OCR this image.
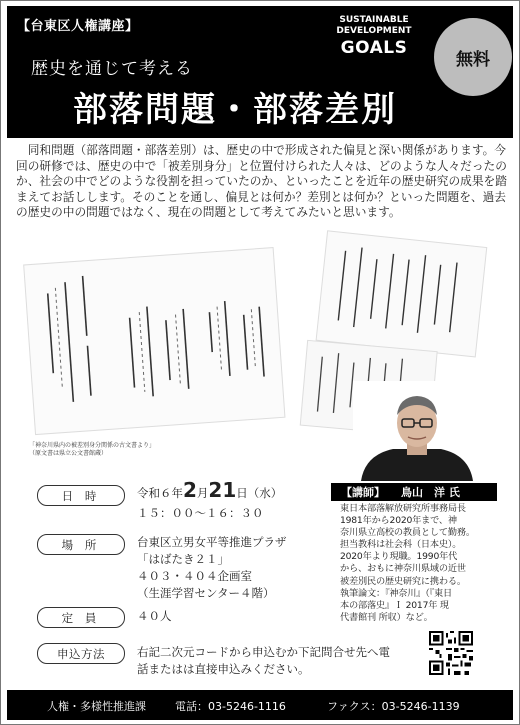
【台東区人権講座】
歴史を通じて考える
部落問題・部落差別
SUSTAINABLE
DEVELOPMENT
GOALS
無料

同和問題（部落問題・部落差別）は、歴史の中で形成された偏見と深い関係があります。今回の研修では、歴史の中で「被差別身分」と位置付けられた人々は、どのような人々だったのか、社会の中でどのような役割を担っていたのか、といったことを近年の歴史研究の成果を踏まえてお話しします。そのことを通し、偏見とは何か？差別とは何か？といった問題を、過去の歴史の中の問題ではなく、現在の問題として考えてみたいと思います。

「神奈川県内の被差別身分関係の古文書より」
（原文書は県立公文書館蔵）
日 時	令和６年2月21日（水）
１５：００～１６：３０
場 所	台東区立男女平等推進プラザ
「はばたき２１」
４０３・４０４企画室
（生涯学習センター４階）
定 員	４０人
申込方法	右記二次元コードから申込むか下記問合せ先へ電
話またはは直接申込みください。
【講師】 鳥山　洋 氏

東日本部落解放研究所事務局長

1981年から2020年まで、神

奈川県立高校の教員として勤務。

担当教科は社会科（日本史）。

2020年より現職。1990年代

から、おもに神奈川県域の近世

被差別民の歴史研究に携わる。

執筆論文：『神奈川』（『東日

本の部落史』Ｉ 2017年 現

代書館刊 所収）など。

人権・多様性推進課	電話：03-5246-1116	ファクス：03-5246-1139
